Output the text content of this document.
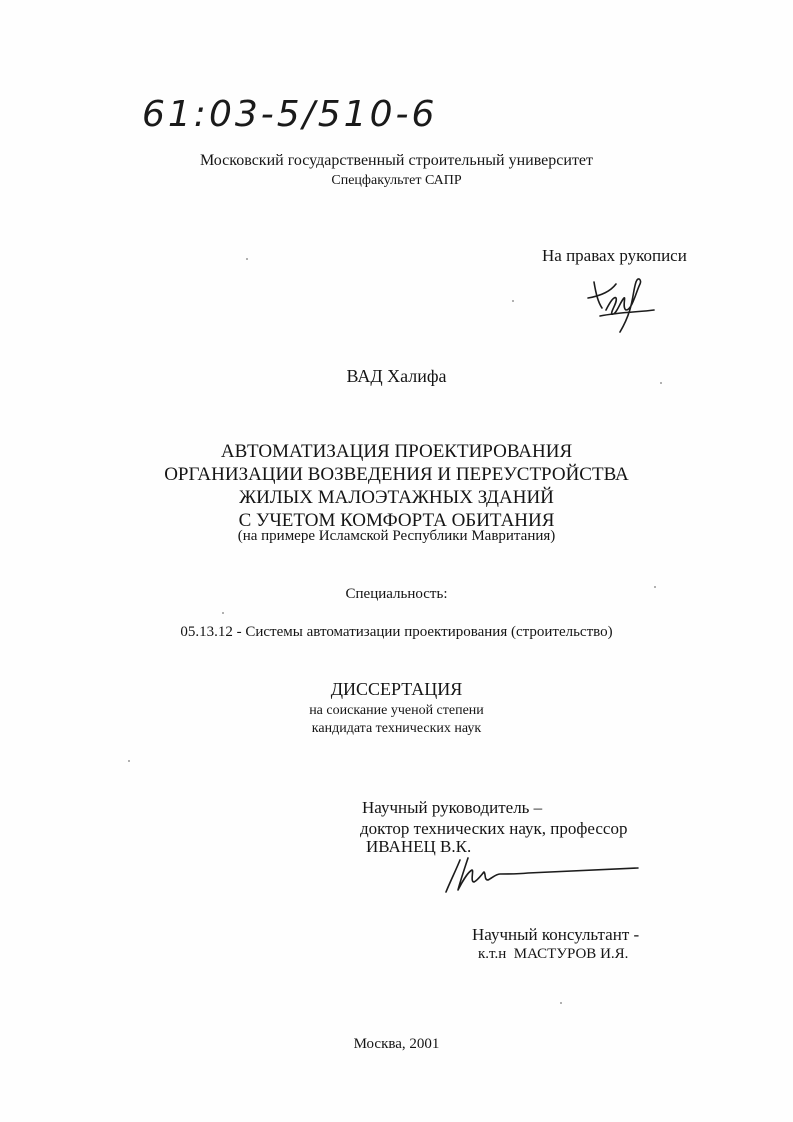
61:03-5/510-6
Московский государственный строительный университет
Спецфакультет САПР
На правах рукописи
ВАД Халифа
АВТОМАТИЗАЦИЯ ПРОЕКТИРОВАНИЯ
ОРГАНИЗАЦИИ ВОЗВЕДЕНИЯ И ПЕРЕУСТРОЙСТВА
ЖИЛЫХ МАЛОЭТАЖНЫХ ЗДАНИЙ
С УЧЕТОМ КОМФОРТА ОБИТАНИЯ
(на примере Исламской Республики Мавритания)
Специальность:
05.13.12 - Системы автоматизации проектирования (строительство)
ДИССЕРТАЦИЯ
на соискание ученой степени
кандидата технических наук
Научный руководитель –
доктор технических наук, профессор
ИВАНЕЦ В.К.
Научный консультант -
к.т.н  МАСТУРОВ И.Я.
Москва, 2001
